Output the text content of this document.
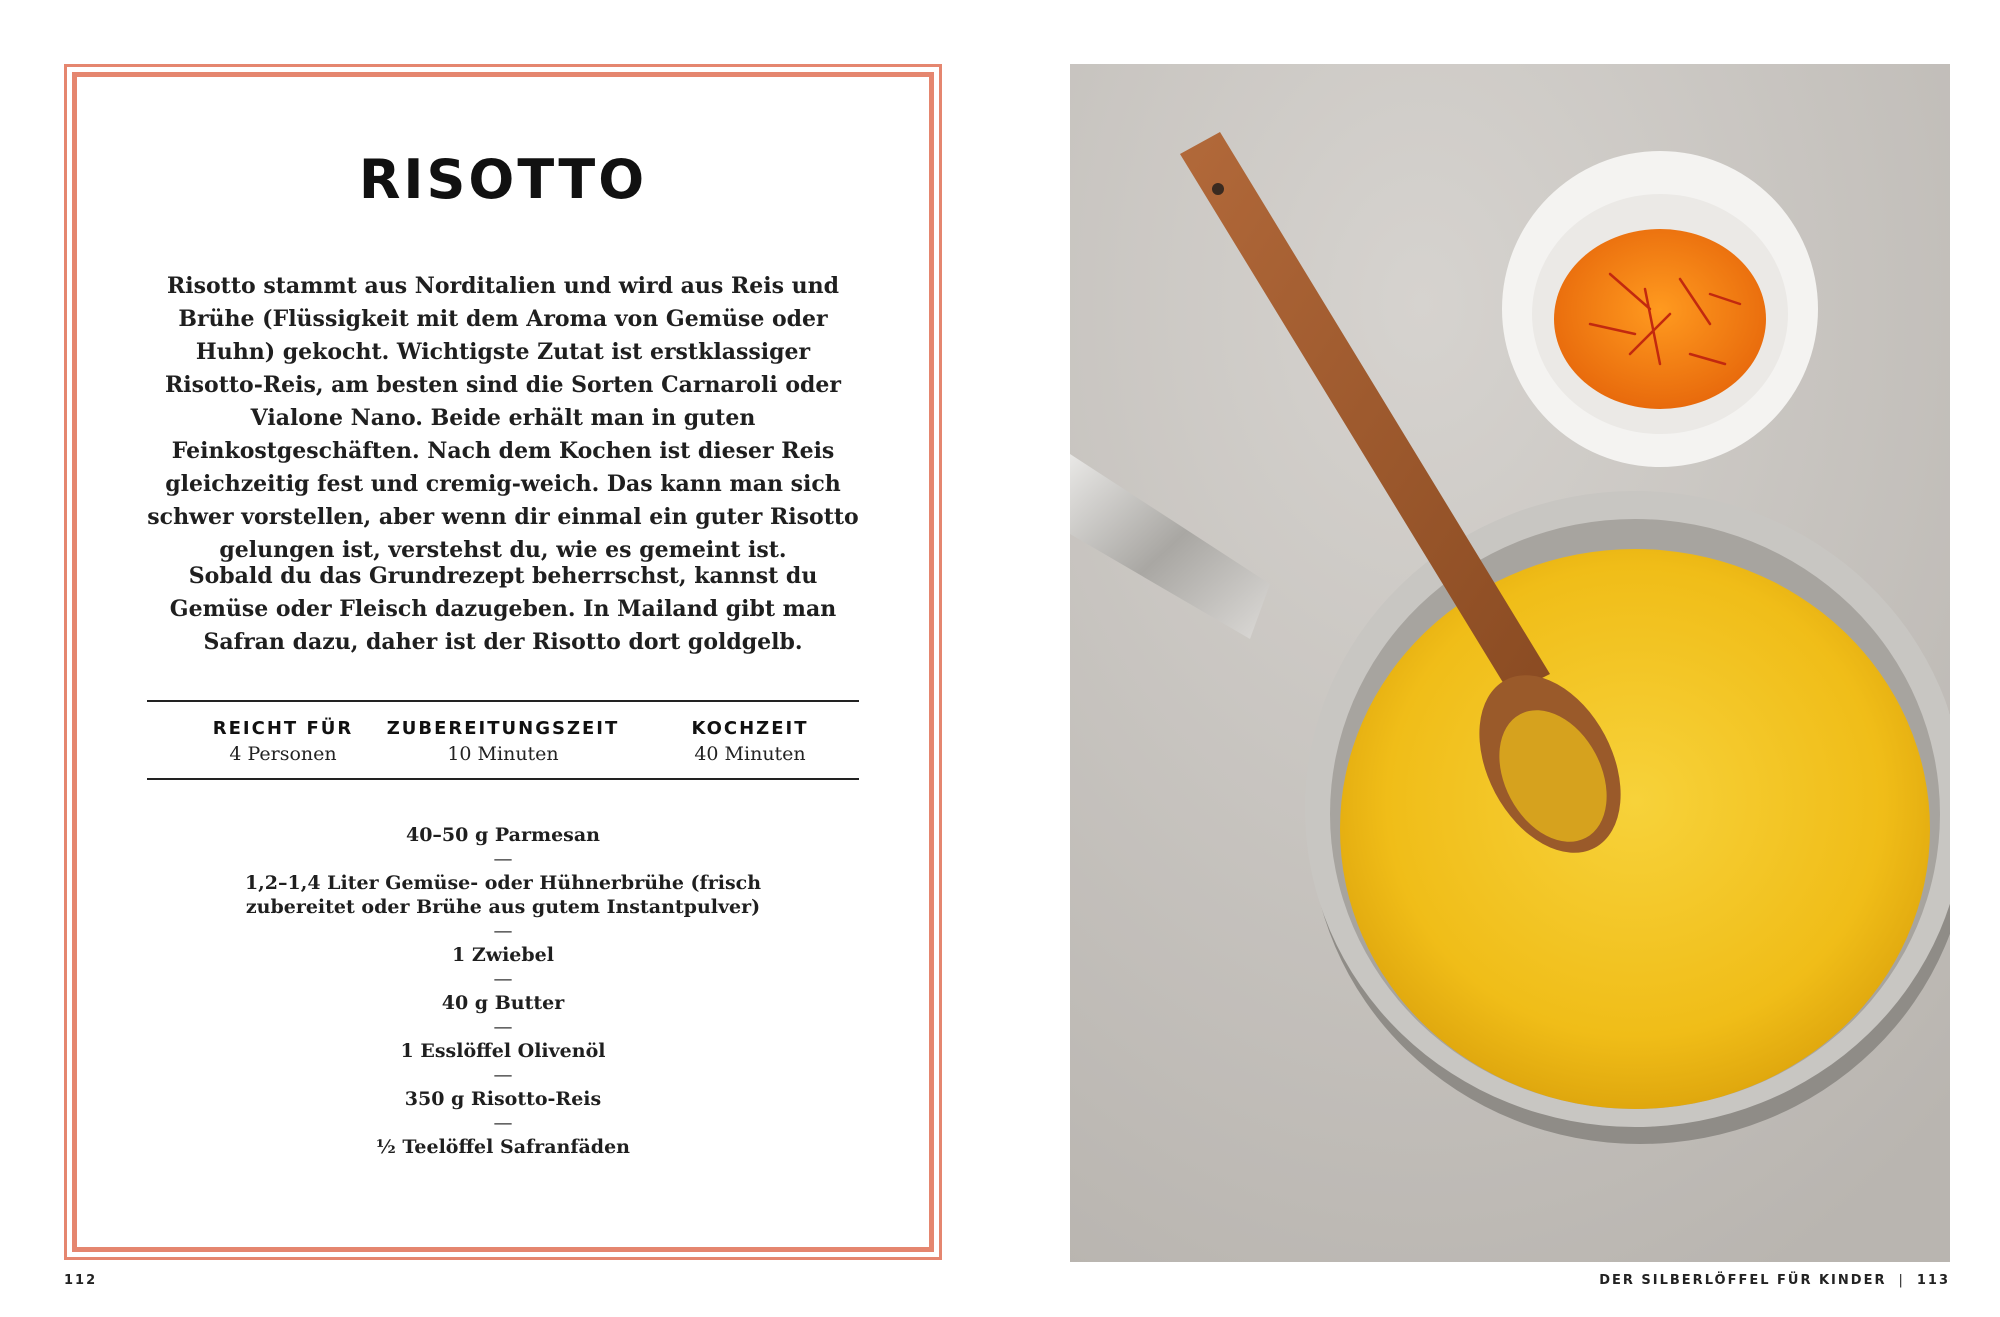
RISOTTO

Risotto stammt aus Norditalien und wird aus Reis und Brühe (Flüssigkeit mit dem Aroma von Gemüse oder Huhn) gekocht. Wichtigste Zutat ist erstklassiger Risotto-Reis, am besten sind die Sorten Carnaroli oder Vialone Nano. Beide erhält man in guten Feinkostgeschäften. Nach dem Kochen ist dieser Reis gleichzeitig fest und cremig-weich. Das kann man sich schwer vorstellen, aber wenn dir einmal ein guter Risotto gelungen ist, verstehst du, wie es gemeint ist.

Sobald du das Grundrezept beherrschst, kannst du Gemüse oder Fleisch dazugeben. In Mailand gibt man Safran dazu, daher ist der Risotto dort goldgelb.

REICHT FÜR
4 Personen
ZUBEREITUNGSZEIT
10 Minuten
KOCHZEIT
40 Minuten
40–50 g Parmesan
—
1,2–1,4 Liter Gemüse- oder Hühnerbrühe (frisch zubereitet oder Brühe aus gutem Instantpulver)
—
1 Zwiebel
—
40 g Butter
—
1 Esslöffel Olivenöl
—
350 g Risotto-Reis
—
½ Teelöffel Safranfäden
112	DER SILBERLÖFFEL FÜR KINDER | 113
